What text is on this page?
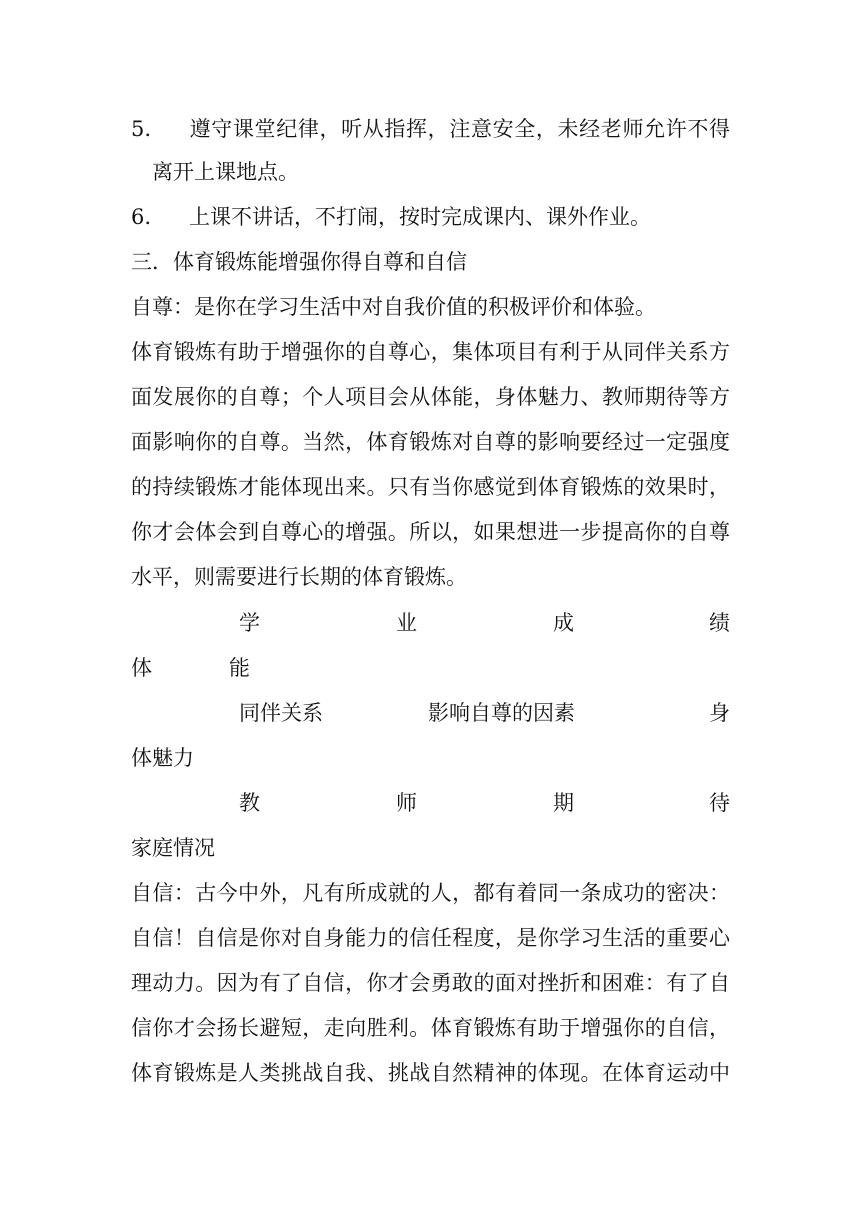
5. 遵守课堂纪律，听从指挥，注意安全，未经老师允许不得
离开上课地点。
6. 上课不讲话，不打闹，按时完成课内、课外作业。
三．体育锻炼能增强你得自尊和自信
自尊：是你在学习生活中对自我价值的积极评价和体验。
体育锻炼有助于增强你的自尊心，集体项目有利于从同伴关系方
面发展你的自尊；个人项目会从体能，身体魅力、教师期待等方
面影响你的自尊。当然，体育锻炼对自尊的影响要经过一定强度
的持续锻炼才能体现出来。只有当你感觉到体育锻炼的效果时，
你才会体会到自尊心的增强。所以，如果想进一步提高你的自尊
水平，则需要进行长期的体育锻炼。
学	业	成	绩
体	能
同伴关系	影响自尊的因素	身
体魅力
教	师	期	待
家庭情况
自信：古今中外，凡有所成就的人，都有着同一条成功的密决：
自信！自信是你对自身能力的信任程度，是你学习生活的重要心
理动力。因为有了自信，你才会勇敢的面对挫折和困难：有了自
信你才会扬长避短，走向胜利。体育锻炼有助于增强你的自信，
体育锻炼是人类挑战自我、挑战自然精神的体现。在体育运动中
